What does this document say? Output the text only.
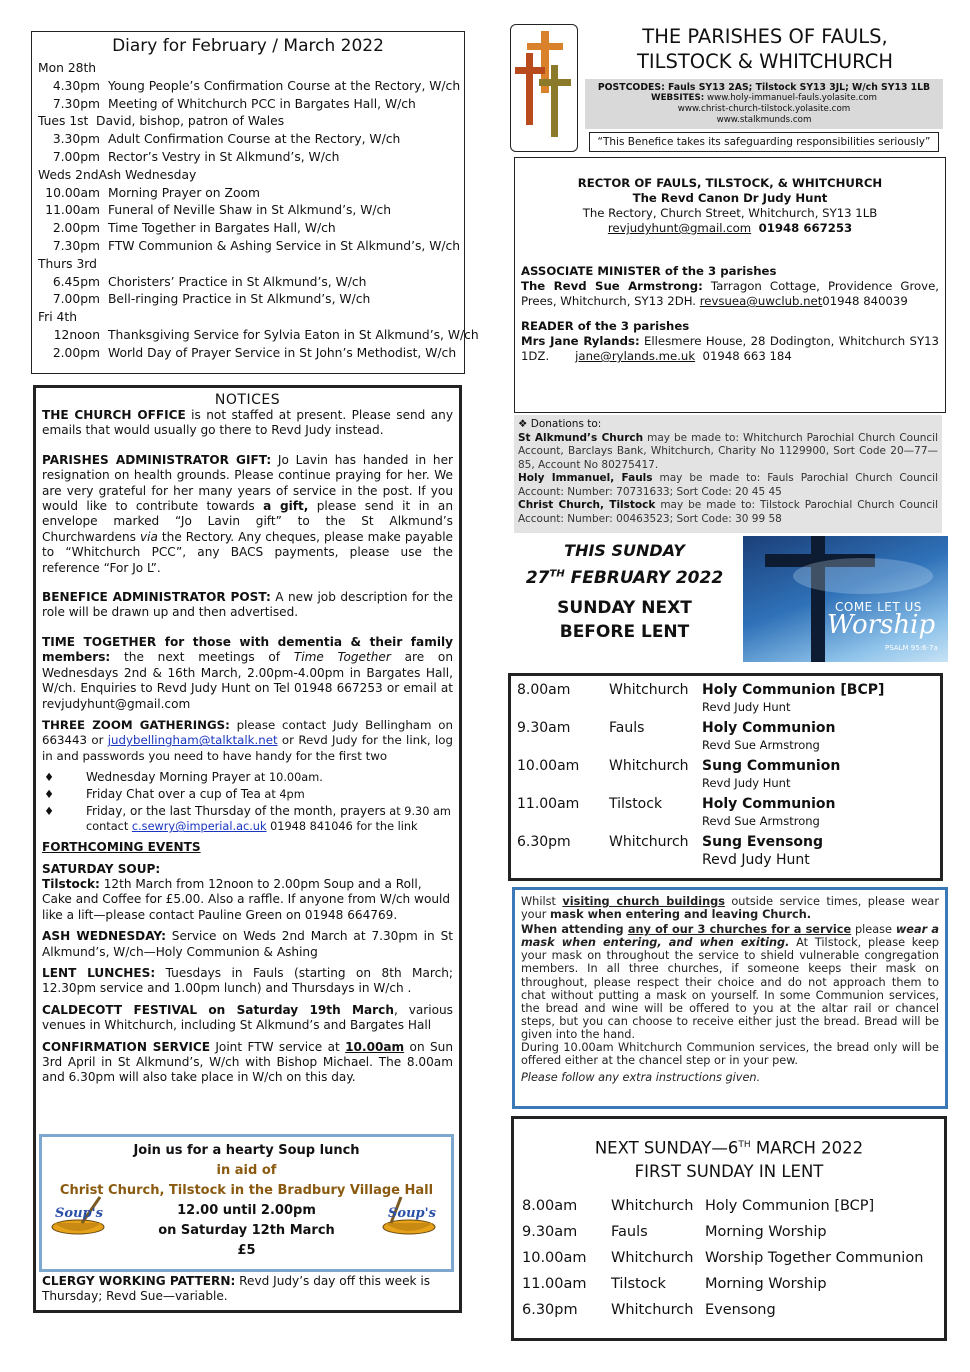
Diary for February / March 2022
Mon 28th
4.30pm Young People’s Confirmation Course at the Rectory, W/ch
7.30pm Meeting of Whitchurch PCC in Bargates Hall, W/ch
Tues 1st David, bishop, patron of Wales
3.30pm Adult Confirmation Course at the Rectory, W/ch
7.00pm Rector’s Vestry in St Alkmund’s, W/ch
Weds 2ndAsh Wednesday
10.00am Morning Prayer on Zoom
11.00am Funeral of Neville Shaw in St Alkmund’s, W/ch
2.00pm Time Together in Bargates Hall, W/ch
7.30pm FTW Communion & Ashing Service in St Alkmund’s, W/ch
Thurs 3rd
6.45pm Choristers’ Practice in St Alkmund’s, W/ch
7.00pm Bell-ringing Practice in St Alkmund’s, W/ch
Fri 4th
12noon Thanksgiving Service for Sylvia Eaton in St Alkmund’s, W/ch
2.00pm World Day of Prayer Service in St John’s Methodist, W/ch
NOTICES

THE CHURCH OFFICE is not staffed at present. Please send any emails that would usually go there to Revd Judy instead.

PARISHES ADMINISTRATOR GIFT: Jo Lavin has handed in her resignation on health grounds. Please continue praying for her. We are very grateful for her many years of service in the post. If you would like to contribute towards a gift, please send it in an envelope marked “Jo Lavin gift” to the St Alkmund’s Churchwardens via the Rectory. Any cheques, please make payable to “Whitchurch PCC”, any BACS payments, please use the reference “For Jo L”.

BENEFICE ADMINISTRATOR POST: A new job description for the role will be drawn up and then advertised.

TIME TOGETHER for those with dementia & their family members: the next meetings of Time Together are on Wednesdays 2nd & 16th March, 2.00pm-4.00pm in Bargates Hall, W/ch. Enquiries to Revd Judy Hunt on Tel 01948 667253 or email at revjudyhunt@gmail.com

THREE ZOOM GATHERINGS: please contact Judy Bellingham on 663443 or judybellingham@talktalk.net or Revd Judy for the link, log in and passwords you need to have handy for the first two

♦	Wednesday Morning Prayer at 10.00am.
♦	Friday Chat over a cup of Tea at 4pm
♦	Friday, or the last Thursday of the month, prayers at 9.30 am contact c.sewry@imperial.ac.uk 01948 841046 for the link

FORTHCOMING EVENTS

SATURDAY SOUP:
Tilstock: 12th March from 12noon to 2.00pm Soup and a Roll, Cake and Coffee for £5.00. Also a raffle. If anyone from W/ch would like a lift—please contact Pauline Green on 01948 664769.

ASH WEDNESDAY: Service on Weds 2nd March at 7.30pm in St Alkmund’s, W/ch—Holy Communion & Ashing

LENT LUNCHES: Tuesdays in Fauls (starting on 8th March; 12.30pm service and 1.00pm lunch) and Thursdays in W/ch .

CALDECOTT FESTIVAL on Saturday 19th March, various venues in Whitchurch, including St Alkmund’s and Bargates Hall

CONFIRMATION SERVICE Joint FTW service at 10.00am on Sun 3rd April in St Alkmund’s, W/ch with Bishop Michael. The 8.00am and 6.30pm will also take place in W/ch on this day.

Join us for a hearty Soup lunch
in aid of
Christ Church, Tilstock in the Bradbury Village Hall
12.00 until 2.00pm
on Saturday 12th March
£5
Soup's	Soup's

CLERGY WORKING PATTERN: Revd Judy’s day off this week is Thursday; Revd Sue—variable.

THE PARISHES OF FAULS,
TILSTOCK & WHITCHURCH
POSTCODES: Fauls SY13 2AS; Tilstock SY13 3JL; W/ch SY13 1LB
WEBSITES: www.holy-immanuel-fauls.yolasite.com
www.christ-church-tilstock.yolasite.com
www.stalkmunds.com
“This Benefice takes its safeguarding responsibilities seriously”
RECTOR OF FAULS, TILSTOCK, & WHITCHURCH
The Revd Canon Dr Judy Hunt
The Rectory, Church Street, Whitchurch, SY13 1LB
revjudyhunt@gmail.com 01948 667253
ASSOCIATE MINISTER of the 3 parishes
The Revd Sue Armstrong: Tarragon Cottage, Providence Grove, Prees, Whitchurch, SY13 2DH. revsuea@uwclub.net01948 840039
READER of the 3 parishes
Mrs Jane Rylands: Ellesmere House, 28 Dodington, Whitchurch SY13 1DZ.       jane@rylands.me.uk 01948 663 184
❖ Donations to:
St Alkmund’s Church may be made to: Whitchurch Parochial Church Council Account, Barclays Bank, Whitchurch, Charity No 1129900, Sort Code 20—77—85, Account No 80275417.
Holy Immanuel, Fauls may be made to: Fauls Parochial Church Council Account: Number: 70731633; Sort Code: 20 45 45
Christ Church, Tilstock may be made to: Tilstock Parochial Church Council Account: Number: 00463523; Sort Code: 30 99 58
THIS SUNDAY
27TH FEBRUARY 2022
SUNDAY NEXT
BEFORE LENT
COME LET US
Worship
PSALM 95:6-7a
8.00am	Whitchurch Holy Communion [BCP]
Revd Judy Hunt
9.30am	Fauls	Holy Communion
Revd Sue Armstrong
10.00am Whitchurch Sung Communion
Revd Judy Hunt
11.00am Tilstock	Holy Communion
Revd Sue Armstrong
6.30pm	Whitchurch Sung Evensong
Revd Judy Hunt
Whilst visiting church buildings outside service times, please wear your mask when entering and leaving Church.
When attending any of our 3 churches for a service please wear a mask when entering, and when exiting. At Tilstock, please keep your mask on throughout the service to shield vulnerable congregation members. In all three churches, if someone keeps their mask on throughout, please respect their choice and do not approach them to chat without putting a mask on yourself. In some Communion services, the bread and wine will be offered to you at the altar rail or chancel steps, but you can choose to receive either just the bread. Bread will be given into the hand.
During 10.00am Whitchurch Communion services, the bread only will be offered either at the chancel step or in your pew.
Please follow any extra instructions given.
NEXT SUNDAY—6TH MARCH 2022
FIRST SUNDAY IN LENT
8.00am Whitchurch Holy Communion [BCP]
9.30am Fauls	Morning Worship
10.00am Whitchurch Worship Together Communion
11.00am Tilstock	Morning Worship
6.30pm Whitchurch Evensong
